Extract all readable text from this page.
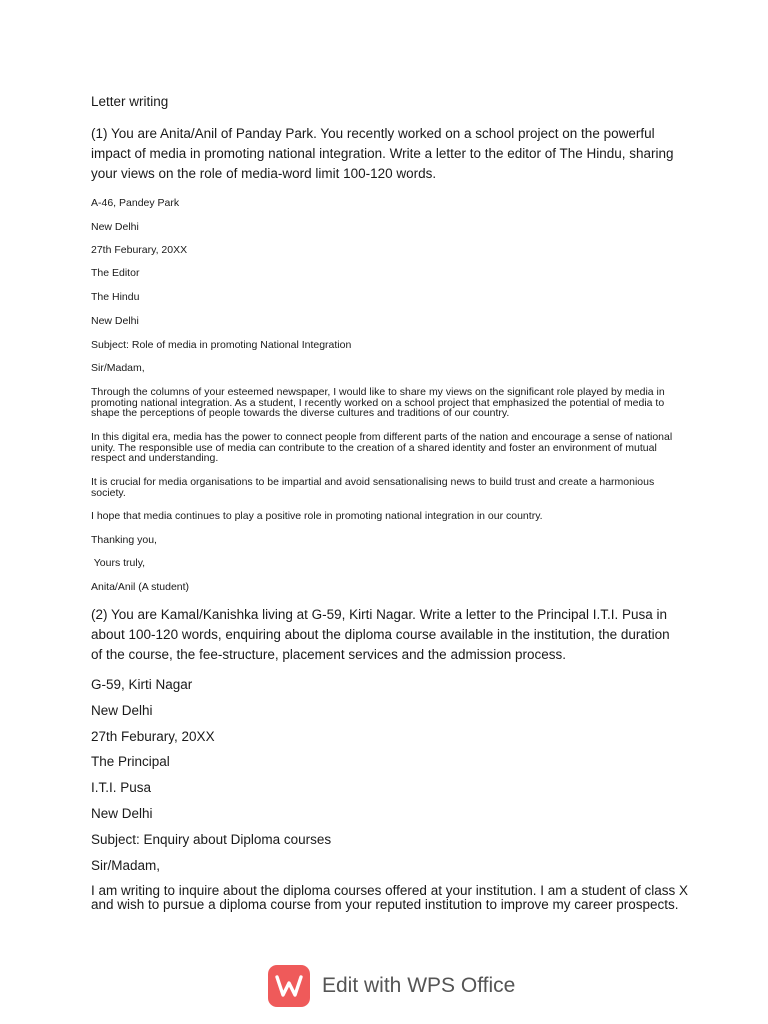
Letter writing
(1) You are Anita/Anil of Panday Park. You recently worked on a school project on the powerful impact of media in promoting national integration. Write a letter to the editor of The Hindu, sharing your views on the role of media-word limit 100-120 words.
A-46, Pandey Park
New Delhi
27th Feburary, 20XX
The Editor
The Hindu
New Delhi
Subject: Role of media in promoting National Integration
Sir/Madam,
Through the columns of your esteemed newspaper, I would like to share my views on the significant role played by media in promoting national integration. As a student, I recently worked on a school project that emphasized the potential of media to shape the perceptions of people towards the diverse cultures and traditions of our country.
In this digital era, media has the power to connect people from different parts of the nation and encourage a sense of national unity. The responsible use of media can contribute to the creation of a shared identity and foster an environment of mutual respect and understanding.
It is crucial for media organisations to be impartial and avoid sensationalising news to build trust and create a harmonious society.
I hope that media continues to play a positive role in promoting national integration in our country.
Thanking you,
Yours truly,
Anita/Anil (A student)
(2) You are Kamal/Kanishka living at G-59, Kirti Nagar. Write a letter to the Principal I.T.I. Pusa in about 100-120 words, enquiring about the diploma course available in the institution, the duration of the course, the fee-structure, placement services and the admission process.
G-59, Kirti Nagar
New Delhi
27th Feburary, 20XX
The Principal
I.T.I. Pusa
New Delhi
Subject: Enquiry about Diploma courses
Sir/Madam,
I am writing to inquire about the diploma courses offered at your institution. I am a student of class X and wish to pursue a diploma course from your reputed institution to improve my career prospects.
Edit with WPS Office
